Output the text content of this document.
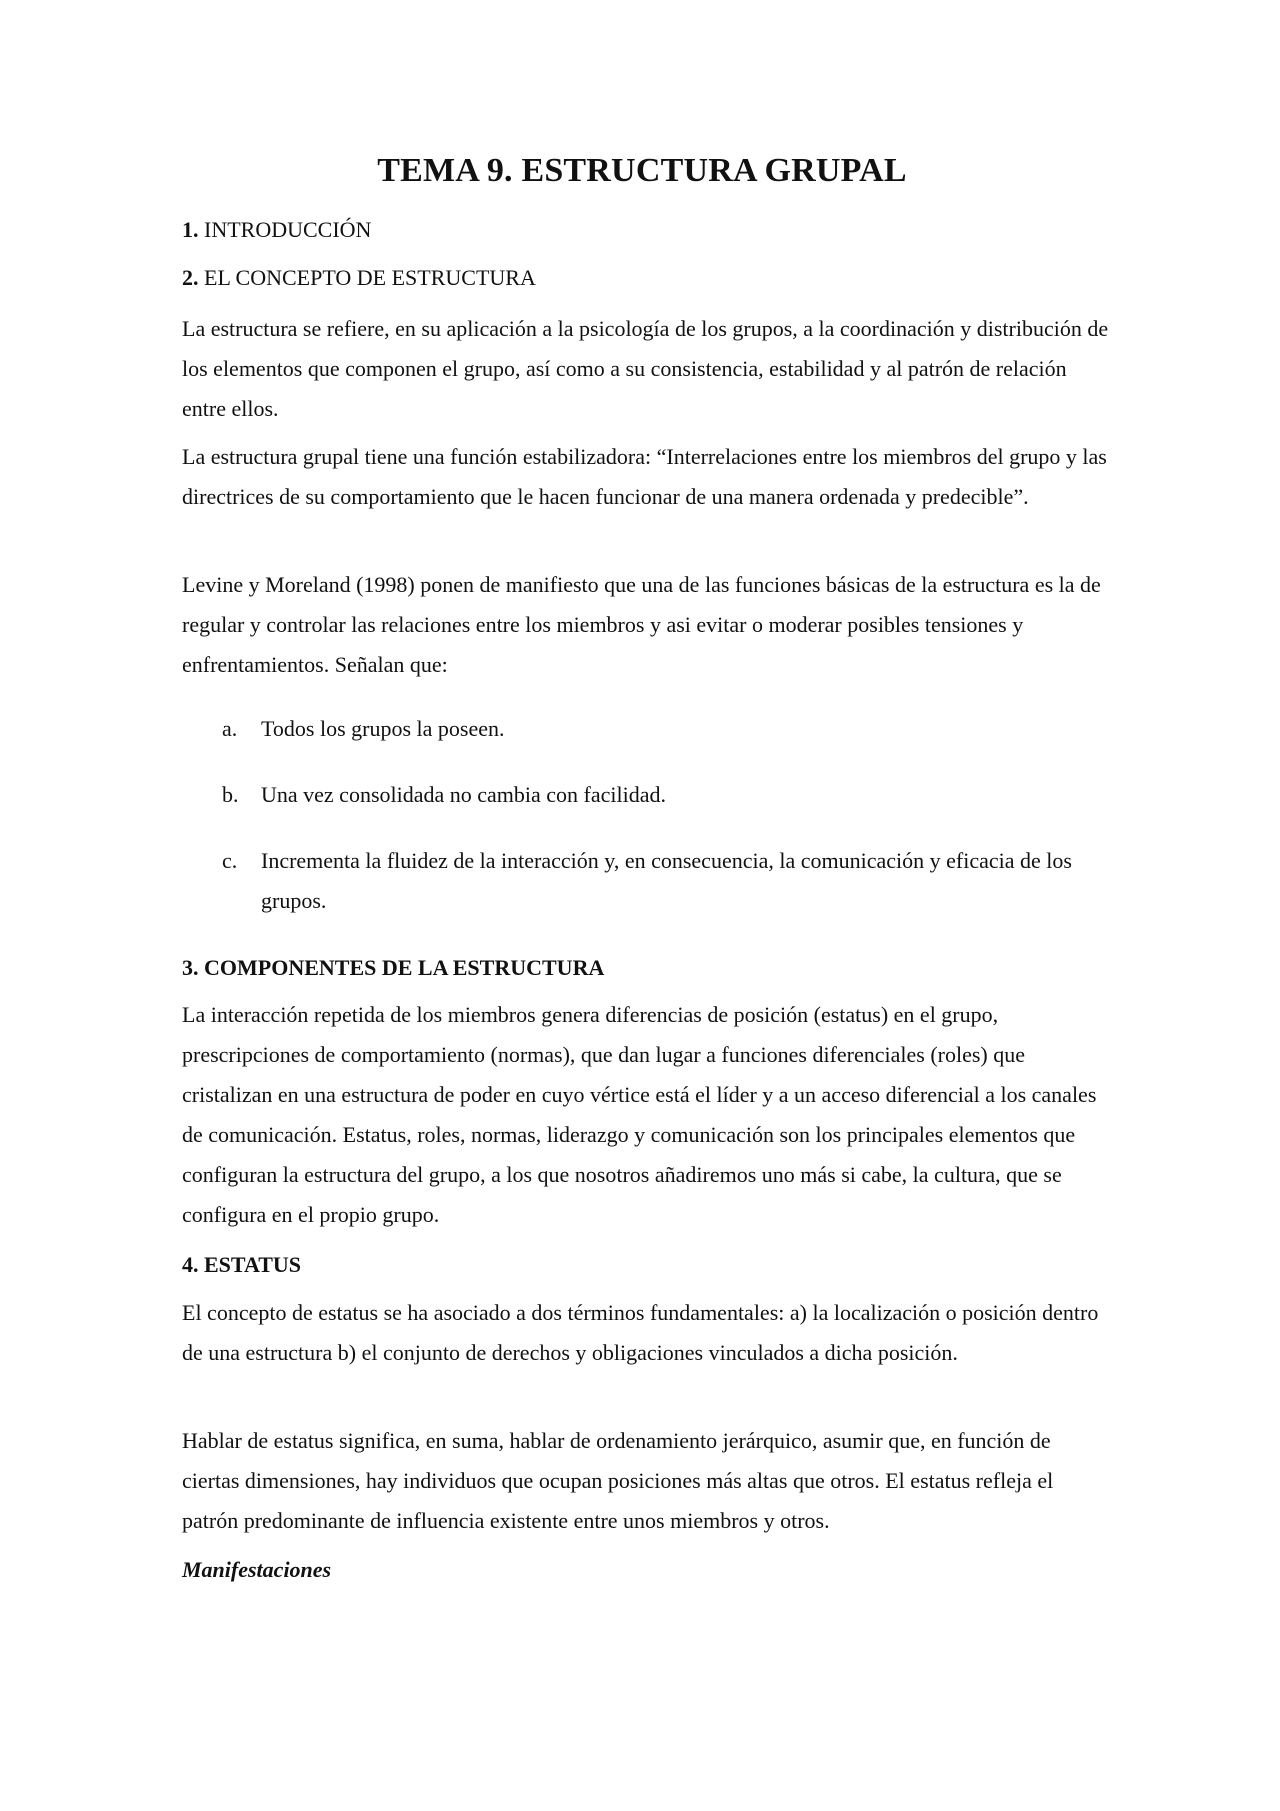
TEMA 9. ESTRUCTURA GRUPAL
1. INTRODUCCIÓN
2. EL CONCEPTO DE ESTRUCTURA

La estructura se refiere, en su aplicación a la psicología de los grupos, a la coordinación y distribución de los elementos que componen el grupo, así como a su consistencia, estabilidad y al patrón de relación entre ellos.

La estructura grupal tiene una función estabilizadora: “Interrelaciones entre los miembros del grupo y las directrices de su comportamiento que le hacen funcionar de una manera ordenada y predecible”.

Levine y Moreland (1998) ponen de manifiesto que una de las funciones básicas de la estructura es la de regular y controlar las relaciones entre los miembros y asi evitar o moderar posibles tensiones y enfrentamientos. Señalan que:

a. Todos los grupos la poseen.
b. Una vez consolidada no cambia con facilidad.
c. Incrementa la fluidez de la interacción y, en consecuencia, la comunicación y eficacia de los grupos.
3. COMPONENTES DE LA ESTRUCTURA

La interacción repetida de los miembros genera diferencias de posición (estatus) en el grupo, prescripciones de comportamiento (normas), que dan lugar a funciones diferenciales (roles) que cristalizan en una estructura de poder en cuyo vértice está el líder y a un acceso diferencial a los canales de comunicación. Estatus, roles, normas, liderazgo y comunicación son los principales elementos que configuran la estructura del grupo, a los que nosotros añadiremos uno más si cabe, la cultura, que se configura en el propio grupo.

4. ESTATUS

El concepto de estatus se ha asociado a dos términos fundamentales: a) la localización o posición dentro de una estructura b) el conjunto de derechos y obligaciones vinculados a dicha posición.

Hablar de estatus significa, en suma, hablar de ordenamiento jerárquico, asumir que, en función de ciertas dimensiones, hay individuos que ocupan posiciones más altas que otros. El estatus refleja el patrón predominante de influencia existente entre unos miembros y otros.

Manifestaciones
